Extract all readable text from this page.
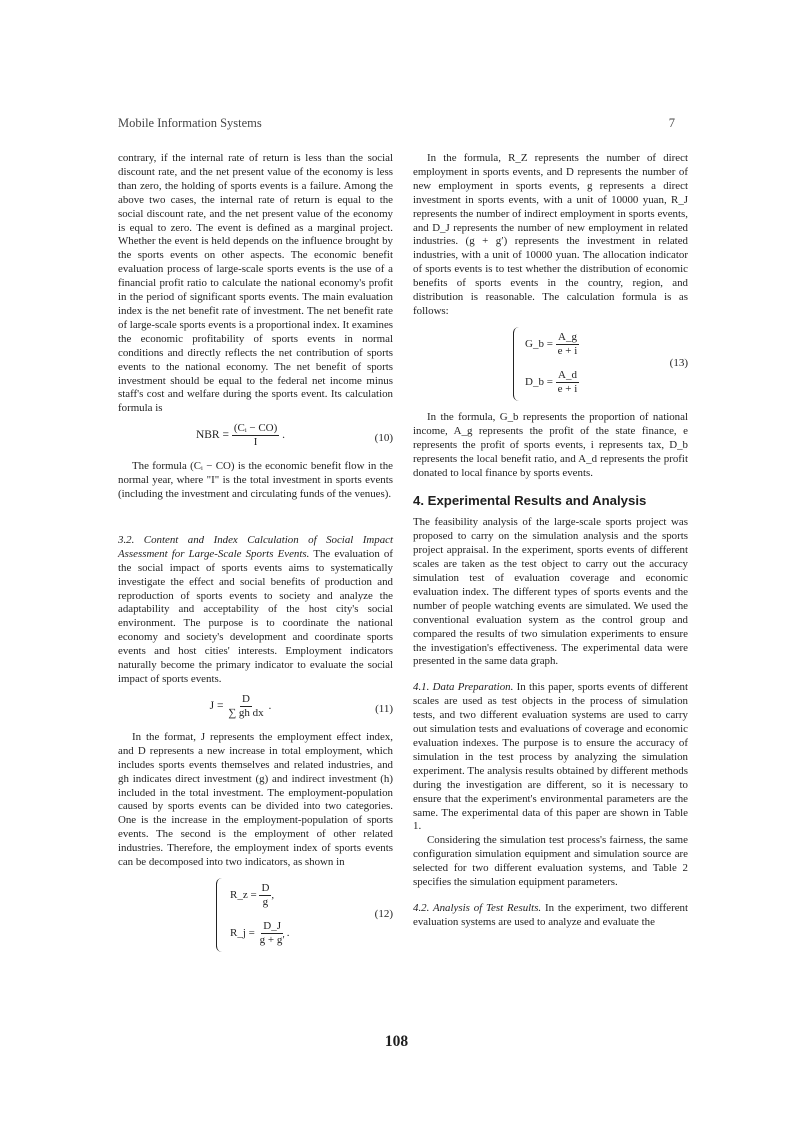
Mobile Information Systems	7

contrary, if the internal rate of return is less than the social discount rate, and the net present value of the economy is less than zero, the holding of sports events is a failure. Among the above two cases, the internal rate of return is equal to the social discount rate, and the net present value of the economy is equal to zero. The event is defined as a marginal project. Whether the event is held depends on the influence brought by the sports events on other aspects. The economic benefit evaluation process of large-scale sports events is the use of a financial profit ratio to calculate the national economy's profit in the period of significant sports events. The main evaluation index is the net benefit rate of investment. The net benefit rate of large-scale sports events is a proportional index. It examines the economic profitability of sports events in normal conditions and directly reflects the net contribution of sports events to the national economy. The net benefit of sports investment should be equal to the federal net income minus staff's cost and welfare during the sports event. Its calculation formula is

NBR = $\frac{\text{(Cᵢ − CO)}}{I}$ .	(10)

The formula (Cᵢ − CO) is the economic benefit flow in the normal year, where "I" is the total investment in sports events (including the investment and circulating funds of the venues).

3.2. Content and Index Calculation of Social Impact Assessment for Large-Scale Sports Events. The evaluation of the social impact of sports events aims to systematically investigate the effect and social benefits of production and reproduction of sports events to society and analyze the adaptability and acceptability of the host city's social environment. The purpose is to coordinate the national economy and society's development and coordinate sports events and host cities' interests. Employment indicators naturally become the primary indicator to evaluate the social impact of sports events.

$J = \frac{D}{\text{∑ gh dx}}$ .	(11)

In the format, J represents the employment effect index, and D represents a new increase in total employment, which includes sports events themselves and related industries, and gh indicates direct investment (g) and indirect investment (h) included in the total investment. The employment-population caused by sports events can be divided into two categories. One is the increase in the employment-population of sports events. The second is the employment of other related industries. Therefore, the employment index of sports events can be decomposed into two indicators, as shown in

R_z = $\frac{D}{g}$ ,
R_j = $\frac{D\_J}{g + g'}$ .
(12)

In the formula, R_Z represents the number of direct employment in sports events, and D represents the number of new employment in sports events, g represents a direct investment in sports events, with a unit of 10000 yuan, R_J represents the number of indirect employment in sports events, and D_J represents the number of new employment in related industries. (g + g′) represents the investment in related industries, with a unit of 10000 yuan. The allocation indicator of sports events is to test whether the distribution of economic benefits of sports events in the country, region, and distribution is reasonable. The calculation formula is as follows:

G_b = $\frac{A\_g}{e + i}$
D_b = $\frac{A\_d}{e + i}$
(13)

In the formula, G_b represents the proportion of national income, A_g represents the profit of the state finance, e represents the profit of sports events, i represents tax, D_b represents the local benefit ratio, and A_d represents the profit donated to local finance by sports events.

4. Experimental Results and Analysis

The feasibility analysis of the large-scale sports project was proposed to carry on the simulation analysis and the sports project appraisal. In the experiment, sports events of different scales are taken as the test object to carry out the accuracy simulation test of evaluation coverage and economic evaluation index. The different types of sports events and the number of people watching events are simulated. We used the conventional evaluation system as the control group and compared the results of two simulation experiments to ensure the investigation's effectiveness. The experimental data were presented in the same data graph.

4.1. Data Preparation. In this paper, sports events of different scales are used as test objects in the process of simulation tests, and two different evaluation systems are used to carry out simulation tests and evaluations of coverage and economic evaluation indexes. The purpose is to ensure the accuracy of simulation in the test process by analyzing the simulation experiment. The analysis results obtained by different methods during the investigation are different, so it is necessary to ensure that the experiment's environmental parameters are the same. The experimental data of this paper are shown in Table 1.

Considering the simulation test process's fairness, the same configuration simulation equipment and simulation source are selected for two different evaluation systems, and Table 2 specifies the simulation equipment parameters.

4.2. Analysis of Test Results. In the experiment, two different evaluation systems are used to analyze and evaluate the

108
